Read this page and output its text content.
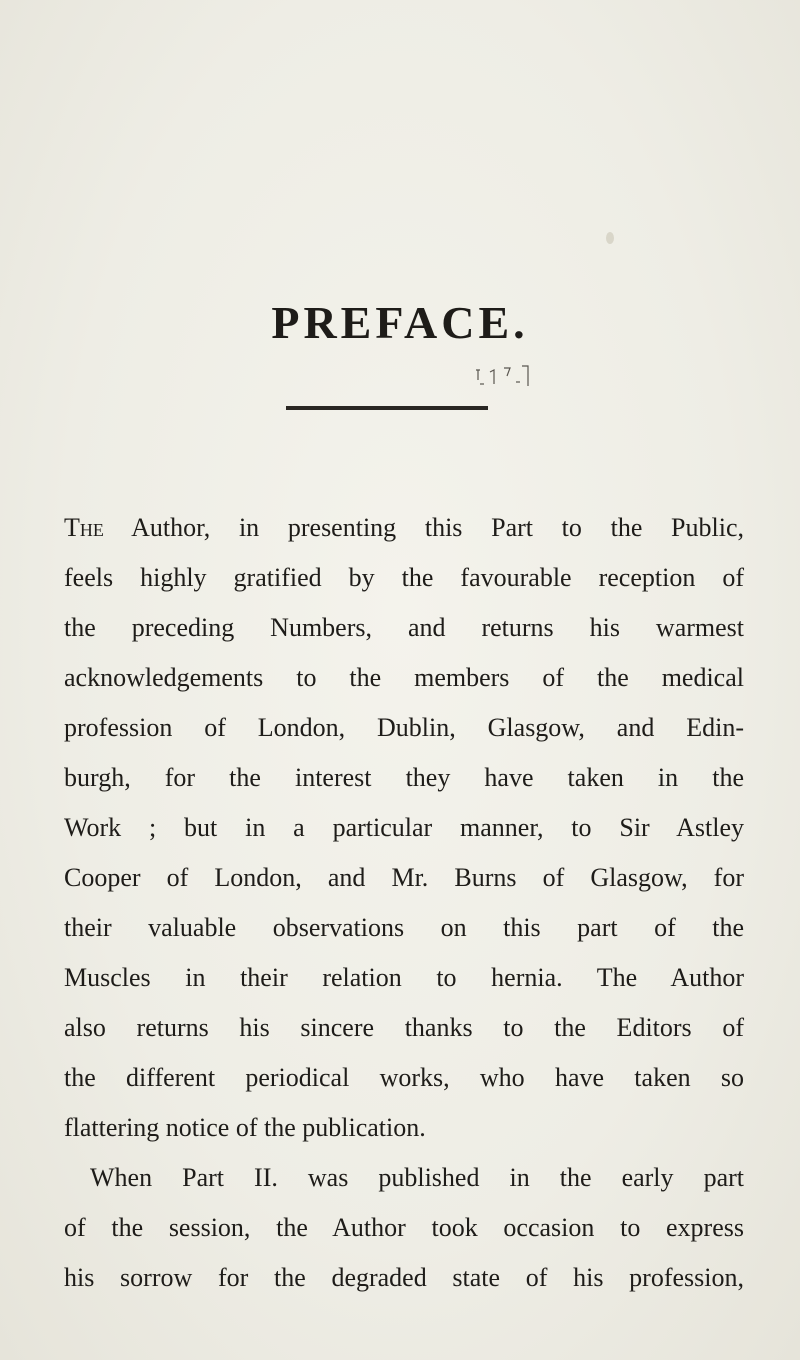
PREFACE.
The Author, in presenting this Part to the Public,
feels highly gratified by the favourable reception of
the preceding Numbers, and returns his warmest
acknowledgements to the members of the medical
profession of London, Dublin, Glasgow, and Edin-
burgh, for the interest they have taken in the
Work ; but in a particular manner, to Sir Astley
Cooper of London, and Mr. Burns of Glasgow, for
their valuable observations on this part of the
Muscles in their relation to hernia. The Author
also returns his sincere thanks to the Editors of
the different periodical works, who have taken so
flattering notice of the publication.
When Part II. was published in the early part
of the session, the Author took occasion to express
his sorrow for the degraded state of his profession,
